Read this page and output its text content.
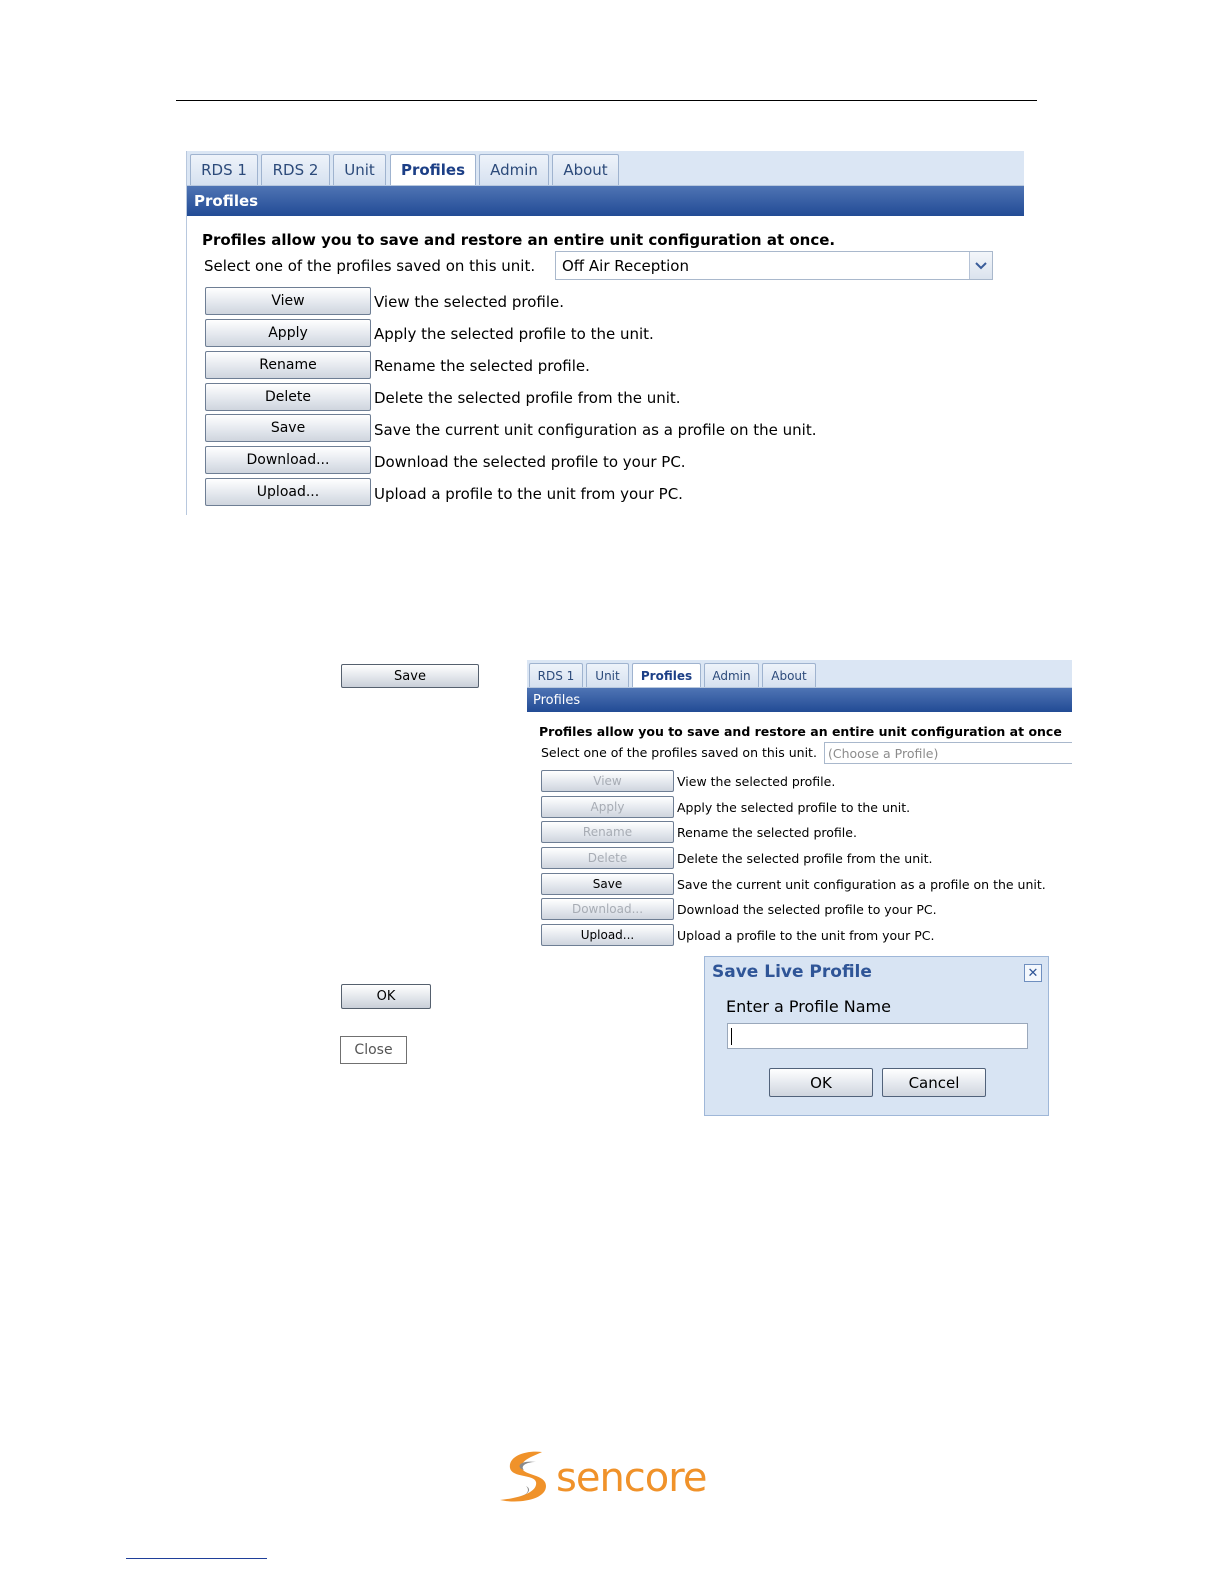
RDS 1	RDS 2	Unit	Profiles	Admin	About
Profiles
Profiles allow you to save and restore an entire unit configuration at once.
Select one of the profiles saved on this unit. Off Air Reception
View	View the selected profile.
Apply	Apply the selected profile to the unit.
Rename	Rename the selected profile.
Delete	Delete the selected profile from the unit.
Save	Save the current unit configuration as a profile on the unit.
Download...	Download the selected profile to your PC.
Upload...	Upload a profile to the unit from your PC.
Save
OK
Close
RDS 1	Unit	Profiles	Admin	About
Profiles
Profiles allow you to save and restore an entire unit configuration at once
Select one of the profiles saved on this unit. (Choose a Profile)
View	View the selected profile.
Apply	Apply the selected profile to the unit.
Rename	Rename the selected profile.
Delete	Delete the selected profile from the unit.
Save	Save the current unit configuration as a profile on the unit.
Download...	Download the selected profile to your PC.
Upload...	Upload a profile to the unit from your PC.
Save Live Profile	✕
Enter a Profile Name
OK	Cancel
sencore
